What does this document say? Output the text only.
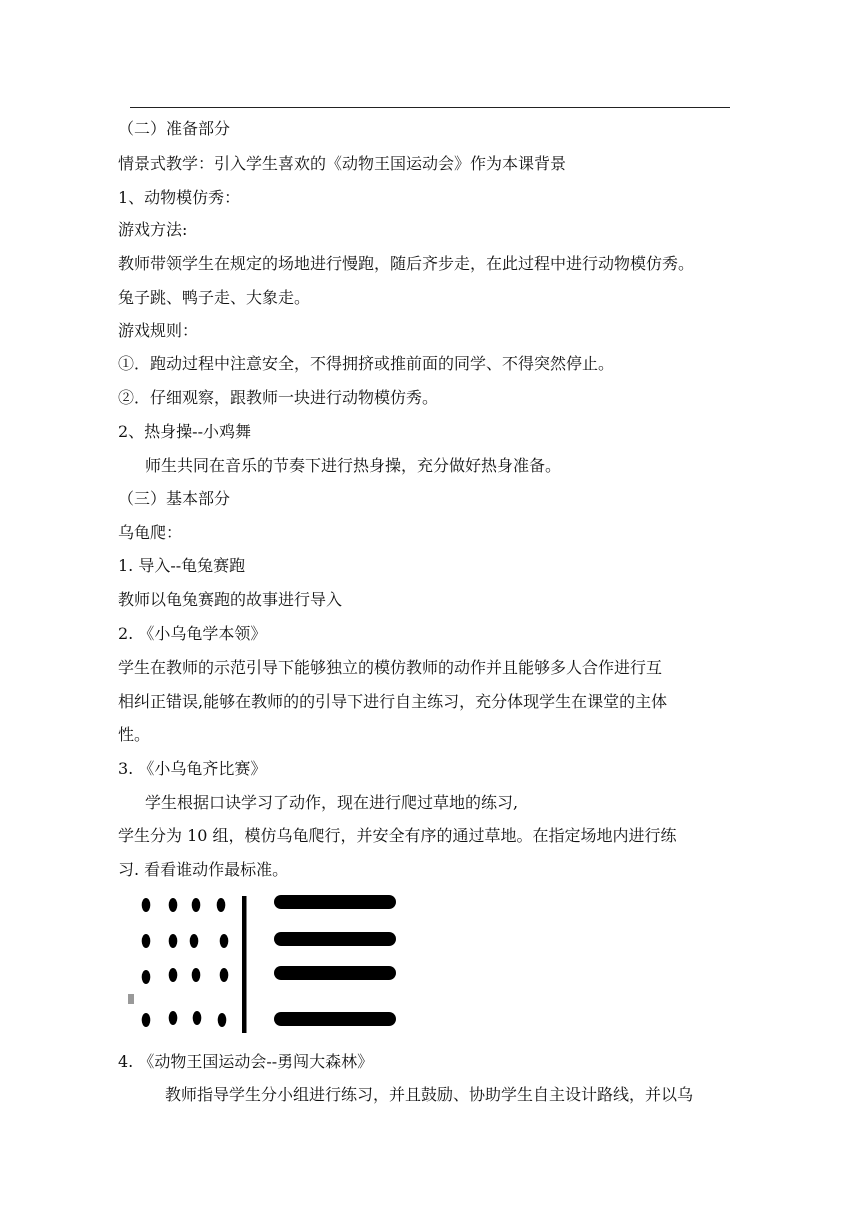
（二）准备部分
情景式教学：引入学生喜欢的《动物王国运动会》作为本课背景
1、动物模仿秀：
游戏方法:
教师带领学生在规定的场地进行慢跑，随后齐步走，在此过程中进行动物模仿秀。
兔子跳、鸭子走、大象走。
游戏规则：
①．跑动过程中注意安全，不得拥挤或推前面的同学、不得突然停止。
②．仔细观察，跟教师一块进行动物模仿秀。
2、热身操--小鸡舞
师生共同在音乐的节奏下进行热身操，充分做好热身准备。
（三）基本部分
乌龟爬：
1. 导入--龟兔赛跑
教师以龟兔赛跑的故事进行导入
2. 《小乌龟学本领》
学生在教师的示范引导下能够独立的模仿教师的动作并且能够多人合作进行互
相纠正错误,能够在教师的的引导下进行自主练习，充分体现学生在课堂的主体
性。
3. 《小乌龟齐比赛》
学生根据口诀学习了动作，现在进行爬过草地的练习,
学生分为 10 组，模仿乌龟爬行，并安全有序的通过草地。在指定场地内进行练
习. 看看谁动作最标准。
4. 《动物王国运动会--勇闯大森林》
教师指导学生分小组进行练习，并且鼓励、协助学生自主设计路线，并以乌
